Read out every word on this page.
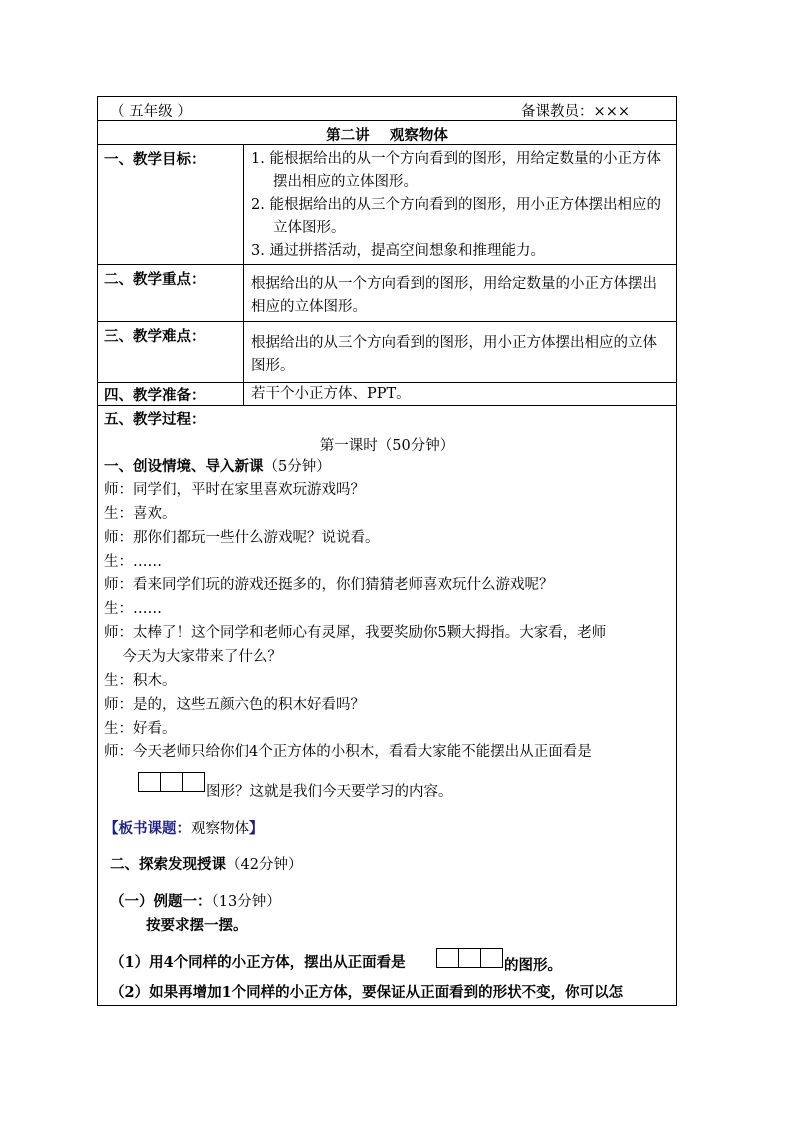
（ 五年级 ）	备课教员：×××
第二讲    观察物体
一、教学目标：	1. 能根据给出的从一个方向看到的图形，用给定数量的小正方体摆出相应的立体图形。

2. 能根据给出的从三个方向看到的图形，用小正方体摆出相应的立体图形。

3. 通过拼搭活动，提高空间想象和推理能力。

二、教学重点：	根据给出的从一个方向看到的图形，用给定数量的小正方体摆出相应的立体图形。
三、教学难点：	根据给出的从三个方向看到的图形，用小正方体摆出相应的立体图形。
四、教学准备：	若干个小正方体、PPT。
五、教学过程：
第一课时（50分钟）
一、创设情境、导入新课（5分钟）
师：同学们，平时在家里喜欢玩游戏吗？
生：喜欢。
师：那你们都玩一些什么游戏呢？说说看。
生：……
师：看来同学们玩的游戏还挺多的，你们猜猜老师喜欢玩什么游戏呢？
生：……
师：太棒了！这个同学和老师心有灵犀，我要奖励你5颗大拇指。大家看，老师
今天为大家带来了什么？
生：积木。
师：是的，这些五颜六色的积木好看吗？
生：好看。
师：今天老师只给你们4个正方体的小积木，看看大家能不能摆出从正面看是
图形？这就是我们今天要学习的内容。
【板书课题：观察物体】
二、探索发现授课（42分钟）
（一）例题一：（13分钟）
按要求摆一摆。
（1）用4个同样的小正方体，摆出从正面看是	的图形。
（2）如果再增加1个同样的小正方体，要保证从正面看到的形状不变，你可以怎
